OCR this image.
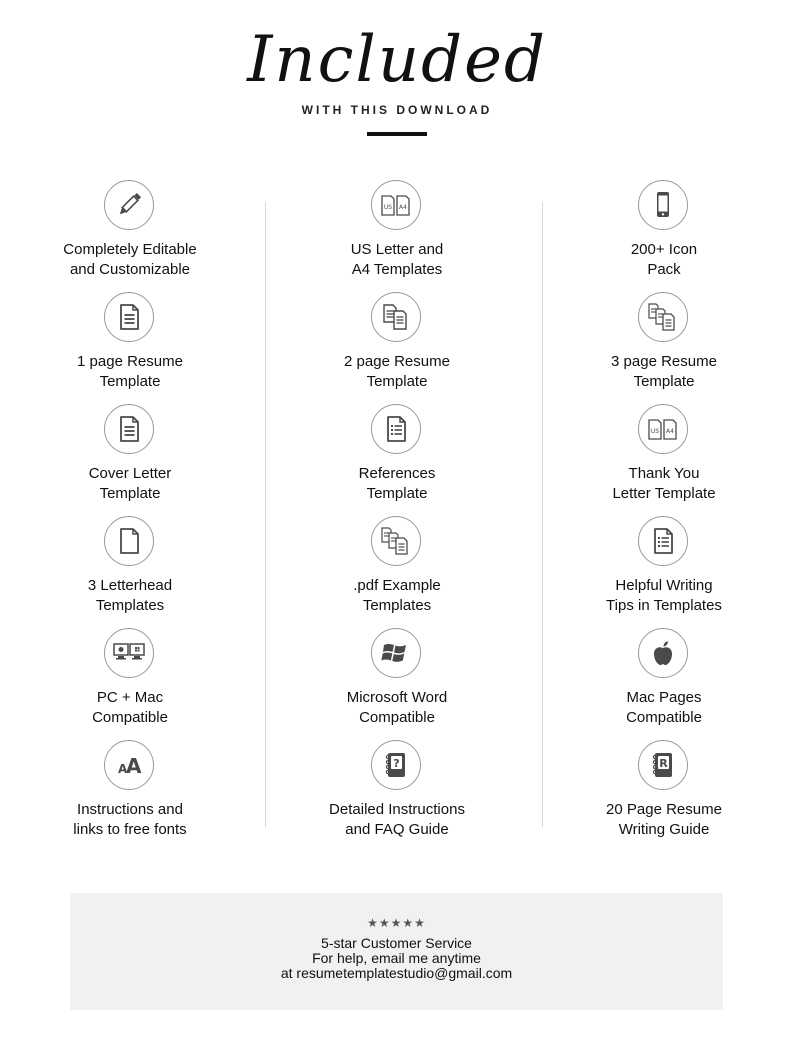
Included
WITH THIS DOWNLOAD
Completely Editable
and Customizable
1 page Resume
Template
Cover Letter
Template
3 Letterhead
Templates
PC + Mac
Compatible
A
A
Instructions and
links to free fonts
US A4
US Letter and
A4 Templates
2 page Resume
Template
References
Template
.pdf Example
Templates
Microsoft Word
Compatible
?
Detailed Instructions
and FAQ Guide
200+ Icon
Pack
3 page Resume
Template
US A4
Thank You
Letter Template
Helpful Writing
Tips in Templates
Mac Pages
Compatible
R
20 Page Resume
Writing Guide
★★★★★
5-star Customer Service
For help, email me anytime
at resumetemplatestudio@gmail.com
